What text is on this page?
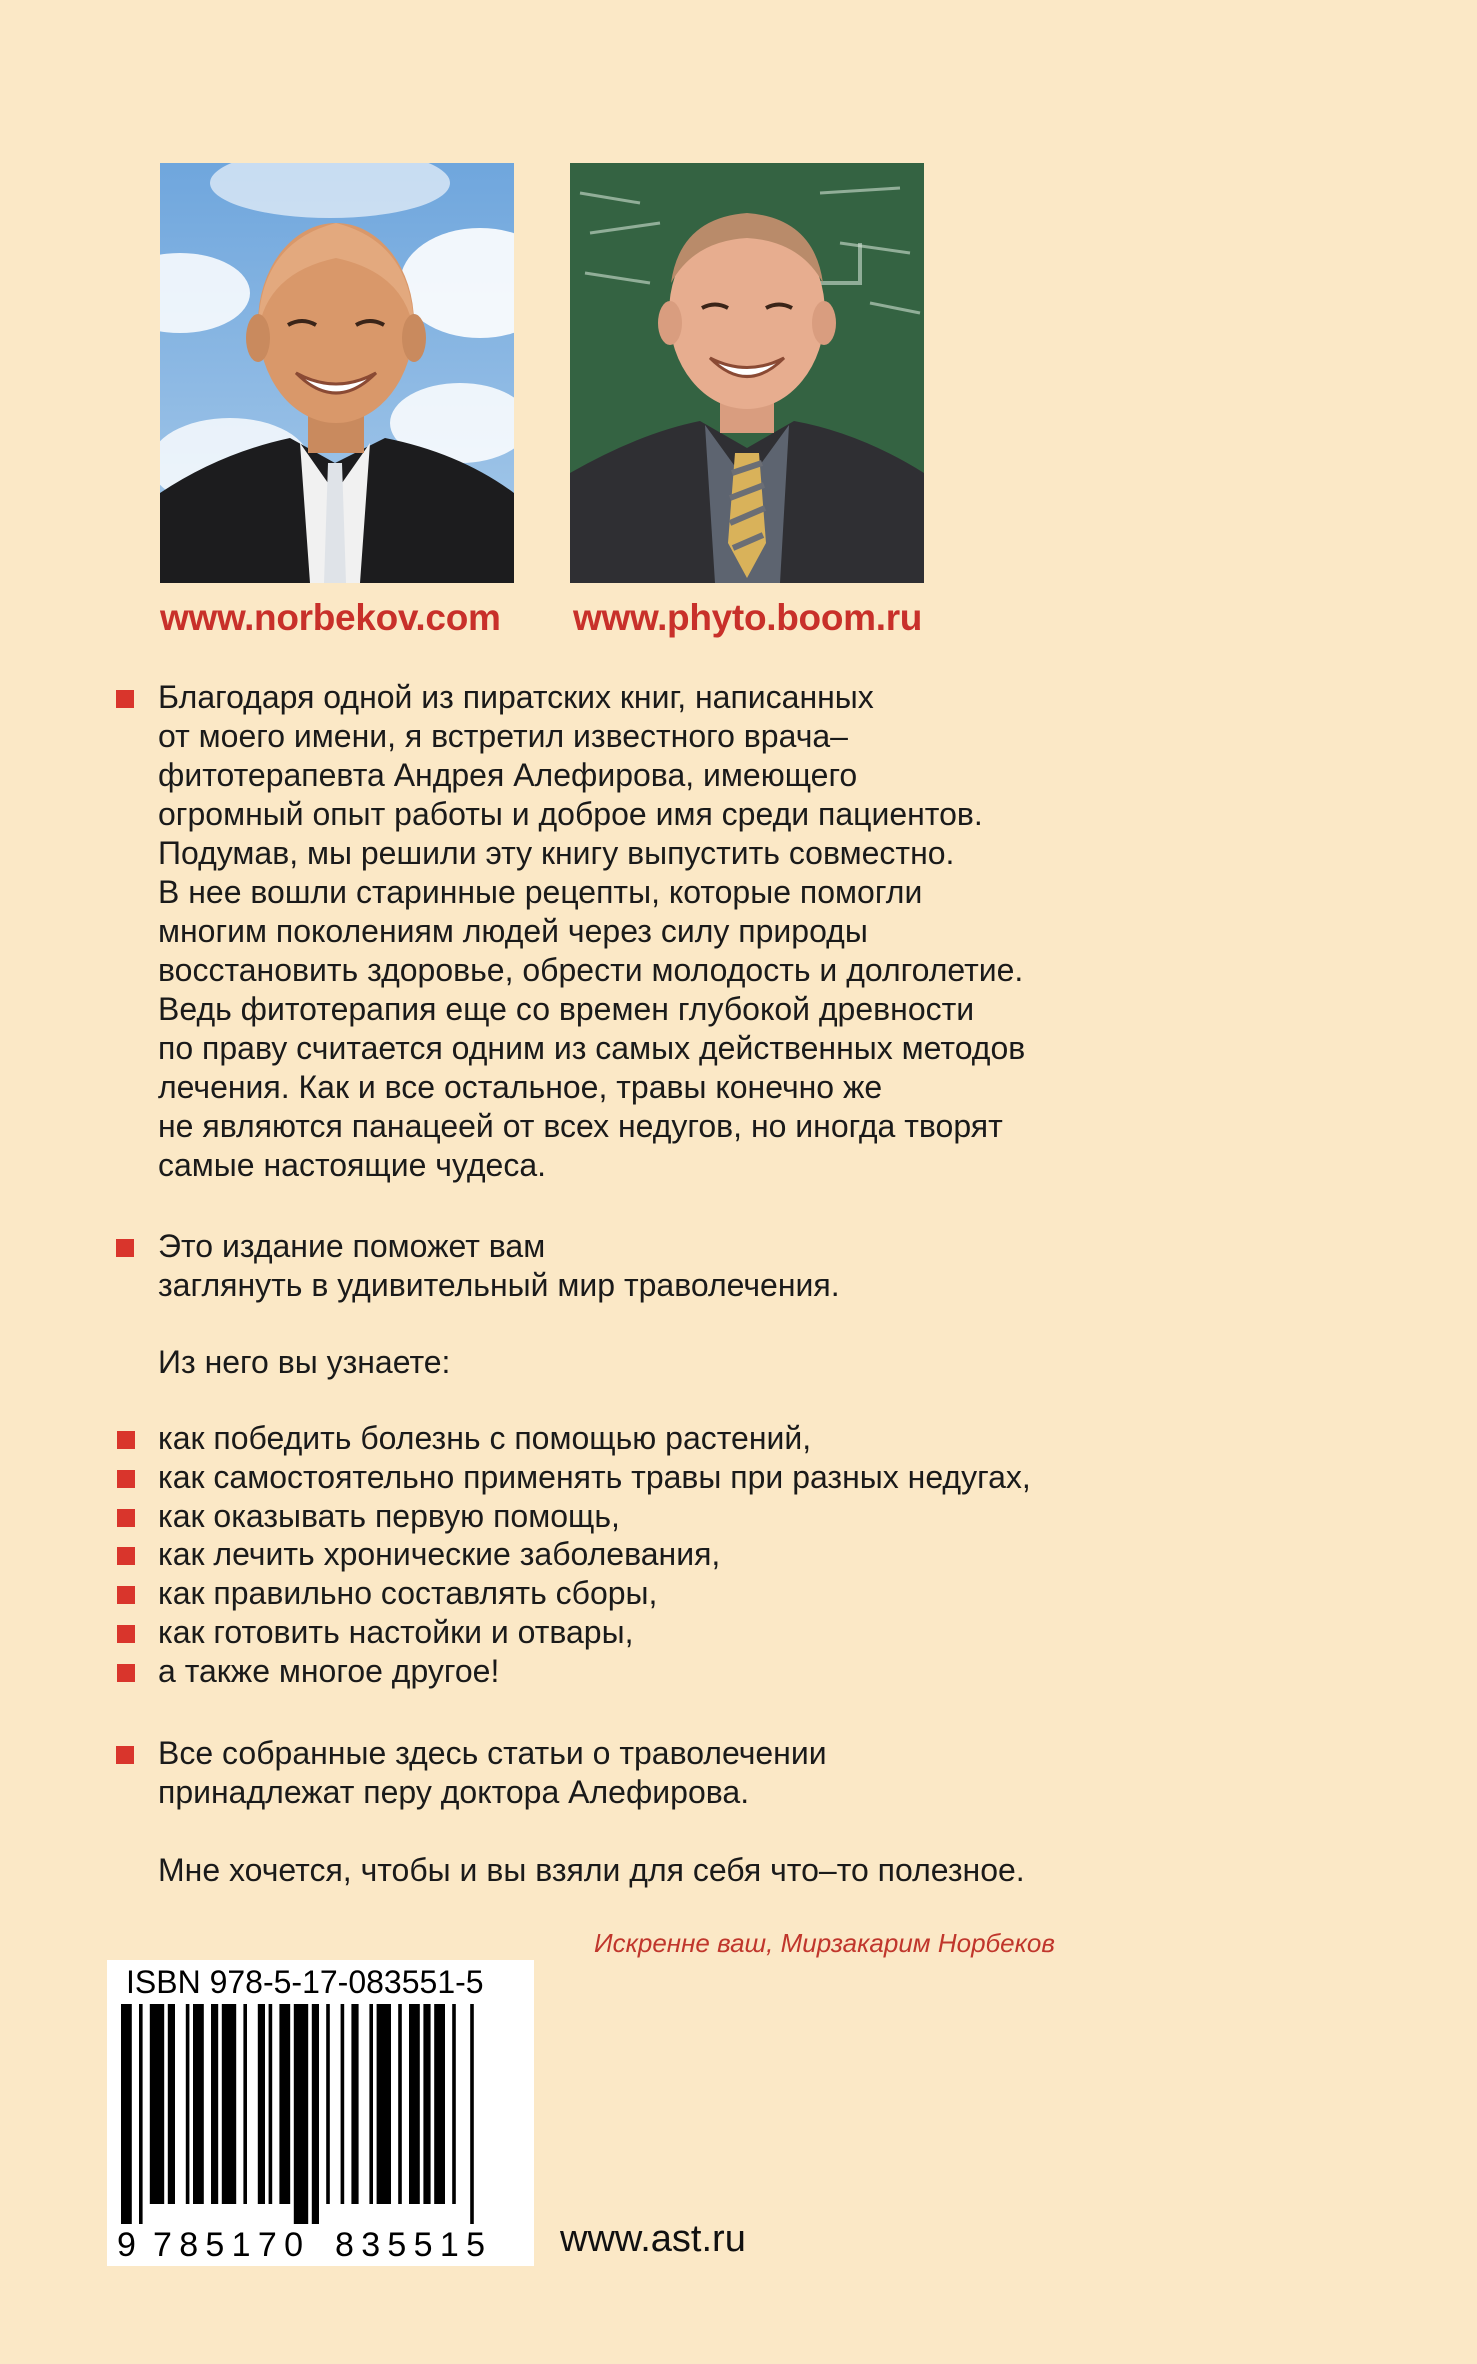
www.norbekov.com www.phyto.boom.ru
Благодаря одной из пиратских книг, написанных
от моего имени, я встретил известного врача–
фитотерапевта Андрея Алефирова, имеющего
огромный опыт работы и доброе имя среди пациентов.
Подумав, мы решили эту книгу выпустить совместно.
В нее вошли старинные рецепты, которые помогли
многим поколениям людей через силу природы
восстановить здоровье, обрести молодость и долголетие.
Ведь фитотерапия еще со времен глубокой древности
по праву считается одним из самых действенных методов
лечения. Как и все остальное, травы конечно же
не являются панацеей от всех недугов, но иногда творят
самые настоящие чудеса.
Это издание поможет вам
заглянуть в удивительный мир траволечения.
Из него вы узнаете:
как победить болезнь с помощью растений,
как самостоятельно применять травы при разных недугах,
как оказывать первую помощь,
как лечить хронические заболевания,
как правильно составлять сборы,
как готовить настойки и отвары,
а также многое другое!
Все собранные здесь статьи о траволечении
принадлежат перу доктора Алефирова.
Мне хочется, чтобы и вы взяли для себя что–то полезное.
Искренне ваш, Мирзакарим Норбеков
ISBN 978-5-17-083551-5
9 785170 835515 www.ast.ru
